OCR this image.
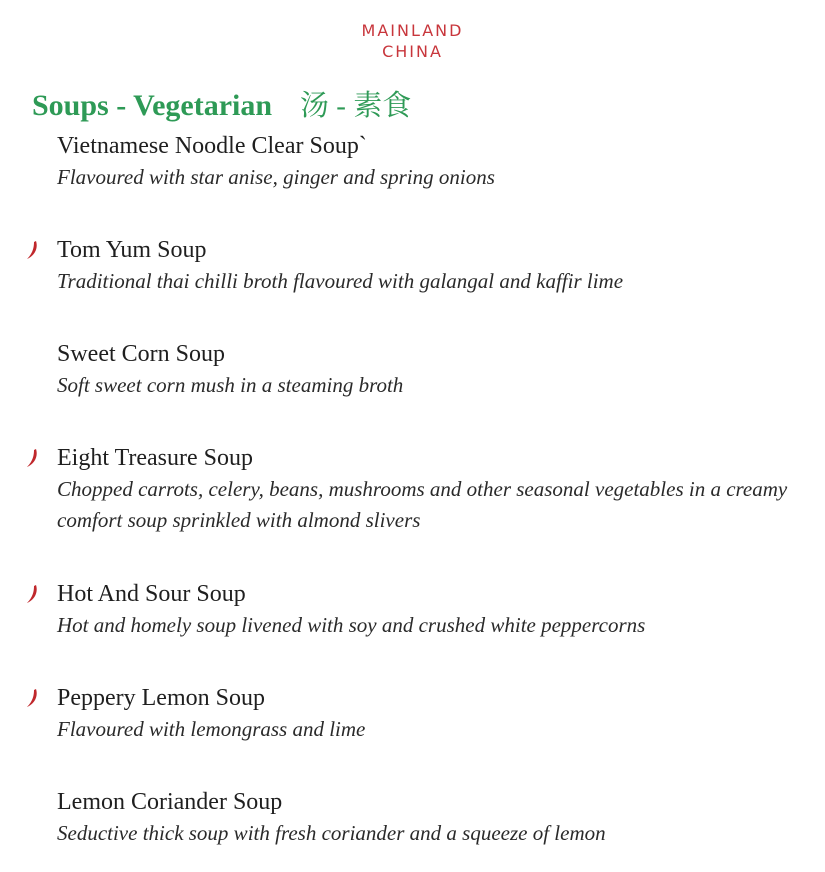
MAINLAND
CHINA
Soups - Vegetarian 汤 - 素食
Vietnamese Noodle Clear Soup`
Flavoured with star anise, ginger and spring onions
Tom Yum Soup
Traditional thai chilli broth flavoured with galangal and kaffir lime
Sweet Corn Soup
Soft sweet corn mush in a steaming broth
Eight Treasure Soup
Chopped carrots, celery, beans, mushrooms and other seasonal vegetables in a creamy comfort soup sprinkled with almond slivers
Hot And Sour Soup
Hot and homely soup livened with soy and crushed white peppercorns
Peppery Lemon Soup
Flavoured with lemongrass and lime
Lemon Coriander Soup
Seductive thick soup with fresh coriander and a squeeze of lemon
